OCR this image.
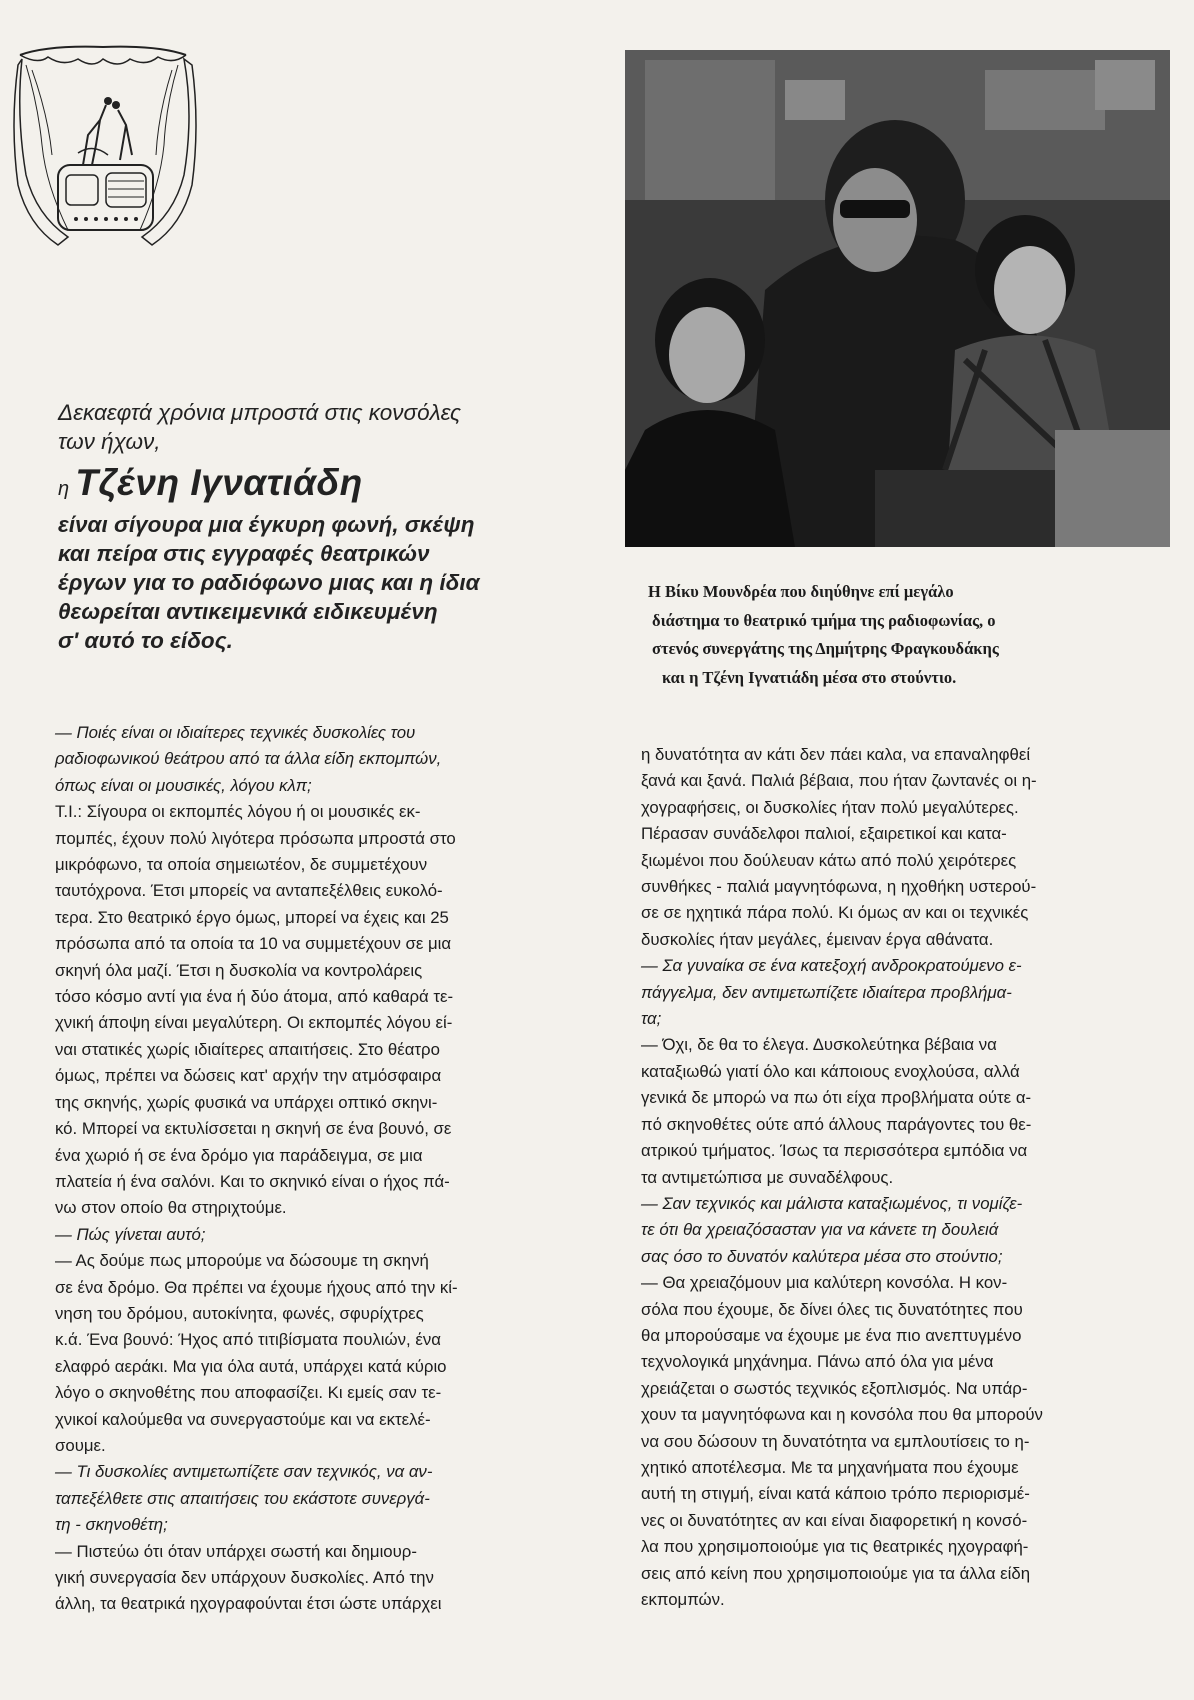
Δεκαεφτά χρόνια μπροστά στις κονσόλες
των ήχων,
η Τζένη Ιγνατιάδη
είναι σίγουρα μια έγκυρη φωνή, σκέψη
και πείρα στις εγγραφές θεατρικών
έργων για το ραδιόφωνο μιας και η ίδια
θεωρείται αντικειμενικά ειδικευμένη
σ' αυτό το είδος.
Η Βίκυ Μουνδρέα που διηύθηνε επί μεγάλο
διάστημα το θεατρικό τμήμα της ραδιοφωνίας, ο
στενός συνεργάτης της Δημήτρης Φραγκουδάκης
και η Τζένη Ιγνατιάδη μέσα στο στούντιο.
— Ποιές είναι οι ιδιαίτερες τεχνικές δυσκολίες του
ραδιοφωνικού θεάτρου από τα άλλα είδη εκπομπών,
όπως είναι οι μουσικές, λόγου κλπ;
Τ.Ι.: Σίγουρα οι εκπομπές λόγου ή οι μουσικές εκ-
πομπές, έχουν πολύ λιγότερα πρόσωπα μπροστά στο
μικρόφωνο, τα οποία σημειωτέον, δε συμμετέχουν
ταυτόχρονα. Έτσι μπορείς να ανταπεξέλθεις ευκολό-
τερα. Στο θεατρικό έργο όμως, μπορεί να έχεις και 25
πρόσωπα από τα οποία τα 10 να συμμετέχουν σε μια
σκηνή όλα μαζί. Έτσι η δυσκολία να κοντρολάρεις
τόσο κόσμο αντί για ένα ή δύο άτομα, από καθαρά τε-
χνική άποψη είναι μεγαλύτερη. Οι εκπομπές λόγου εί-
ναι στατικές χωρίς ιδιαίτερες απαιτήσεις. Στο θέατρο
όμως, πρέπει να δώσεις κατ' αρχήν την ατμόσφαιρα
της σκηνής, χωρίς φυσικά να υπάρχει οπτικό σκηνι-
κό. Μπορεί να εκτυλίσσεται η σκηνή σε ένα βουνό, σε
ένα χωριό ή σε ένα δρόμο για παράδειγμα, σε μια
πλατεία ή ένα σαλόνι. Και το σκηνικό είναι ο ήχος πά-
νω στον οποίο θα στηριχτούμε.
— Πώς γίνεται αυτό;
— Ας δούμε πως μπορούμε να δώσουμε τη σκηνή
σε ένα δρόμο. Θα πρέπει να έχουμε ήχους από την κί-
νηση του δρόμου, αυτοκίνητα, φωνές, σφυρίχτρες
κ.ά. Ένα βουνό: Ήχος από τιτιβίσματα πουλιών, ένα
ελαφρό αεράκι. Μα για όλα αυτά, υπάρχει κατά κύριο
λόγο ο σκηνοθέτης που αποφασίζει. Κι εμείς σαν τε-
χνικοί καλούμεθα να συνεργαστούμε και να εκτελέ-
σουμε.
— Τι δυσκολίες αντιμετωπίζετε σαν τεχνικός, να αν-
ταπεξέλθετε στις απαιτήσεις του εκάστοτε συνεργά-
τη - σκηνοθέτη;
— Πιστεύω ότι όταν υπάρχει σωστή και δημιουρ-
γική συνεργασία δεν υπάρχουν δυσκολίες. Από την
άλλη, τα θεατρικά ηχογραφούνται έτσι ώστε υπάρχει
η δυνατότητα αν κάτι δεν πάει καλα, να επαναληφθεί
ξανά και ξανά. Παλιά βέβαια, που ήταν ζωντανές οι η-
χογραφήσεις, οι δυσκολίες ήταν πολύ μεγαλύτερες.
Πέρασαν συνάδελφοι παλιοί, εξαιρετικοί και κατα-
ξιωμένοι που δούλευαν κάτω από πολύ χειρότερες
συνθήκες - παλιά μαγνητόφωνα, η ηχοθήκη υστερού-
σε σε ηχητικά πάρα πολύ. Κι όμως αν και οι τεχνικές
δυσκολίες ήταν μεγάλες, έμειναν έργα αθάνατα.
— Σα γυναίκα σε ένα κατεξοχή ανδροκρατούμενο ε-
πάγγελμα, δεν αντιμετωπίζετε ιδιαίτερα προβλήμα-
τα;
— Όχι, δε θα το έλεγα. Δυσκολεύτηκα βέβαια να
καταξιωθώ γιατί όλο και κάποιους ενοχλούσα, αλλά
γενικά δε μπορώ να πω ότι είχα προβλήματα ούτε α-
πό σκηνοθέτες ούτε από άλλους παράγοντες του θε-
ατρικού τμήματος. Ίσως τα περισσότερα εμπόδια να
τα αντιμετώπισα με συναδέλφους.
— Σαν τεχνικός και μάλιστα καταξιωμένος, τι νομίζε-
τε ότι θα χρειαζόσασταν για να κάνετε τη δουλειά
σας όσο το δυνατόν καλύτερα μέσα στο στούντιο;
— Θα χρειαζόμουν μια καλύτερη κονσόλα. Η κον-
σόλα που έχουμε, δε δίνει όλες τις δυνατότητες που
θα μπορούσαμε να έχουμε με ένα πιο ανεπτυγμένο
τεχνολογικά μηχάνημα. Πάνω από όλα για μένα
χρειάζεται ο σωστός τεχνικός εξοπλισμός. Να υπάρ-
χουν τα μαγνητόφωνα και η κονσόλα που θα μπορούν
να σου δώσουν τη δυνατότητα να εμπλουτίσεις το η-
χητικό αποτέλεσμα. Με τα μηχανήματα που έχουμε
αυτή τη στιγμή, είναι κατά κάποιο τρόπο περιορισμέ-
νες οι δυνατότητες αν και είναι διαφορετική η κονσό-
λα που χρησιμοποιούμε για τις θεατρικές ηχογραφή-
σεις από κείνη που χρησιμοποιούμε για τα άλλα είδη
εκπομπών.
